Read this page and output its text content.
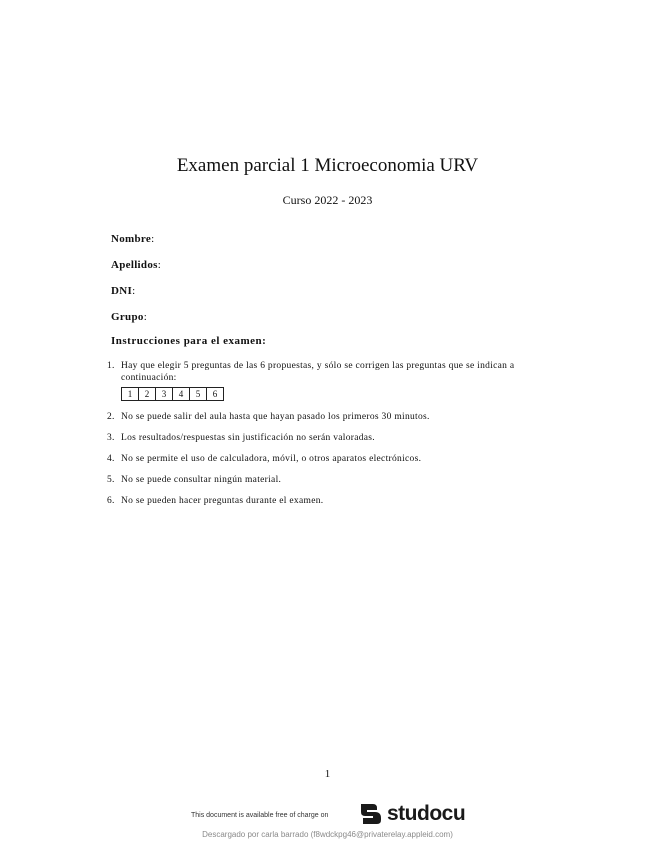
Examen parcial 1 Microeconomia URV
Curso 2022 - 2023
Nombre:
Apellidos:
DNI:
Grupo:
Instrucciones para el examen:
1. Hay que elegir 5 preguntas de las 6 propuestas, y sólo se corrigen las preguntas que se indican a continuación:
1	2	3	4	5	6
2. No se puede salir del aula hasta que hayan pasado los primeros 30 minutos.
3. Los resultados/respuestas sin justificación no serán valoradas.
4. No se permite el uso de calculadora, móvil, o otros aparatos electrónicos.
5. No se puede consultar ningún material.
6. No se pueden hacer preguntas durante el examen.
1
This document is available free of charge on	studocu
Descargado por carla barrado (f8wdckpg46@privaterelay.appleid.com)
